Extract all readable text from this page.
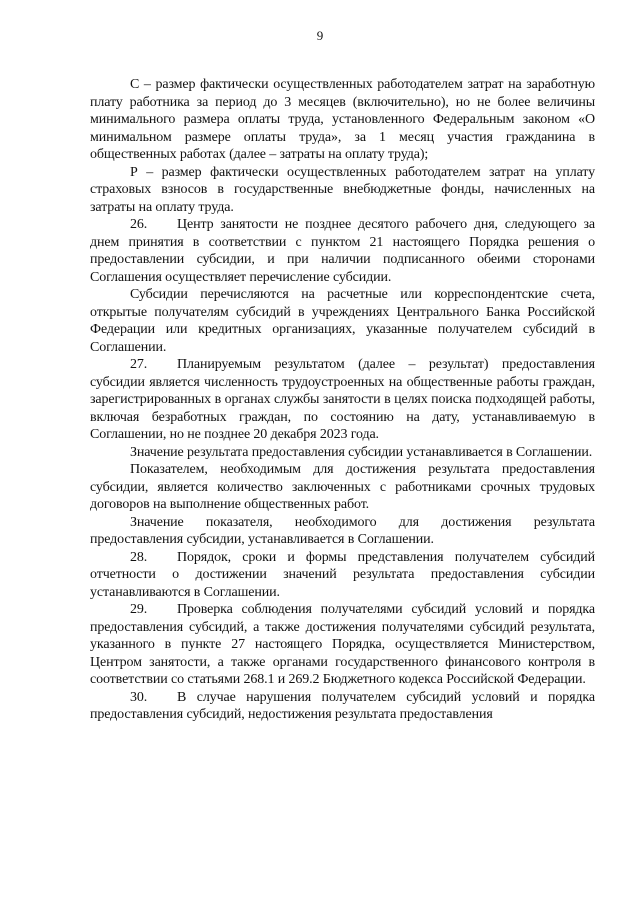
9

С – размер фактически осуществленных работодателем затрат на заработную плату работника за период до 3 месяцев (включительно), но не более величины минимального размера оплаты труда, установленного Федеральным законом «О минимальном размере оплаты труда», за 1 месяц участия гражданина в общественных работах (далее – затраты на оплату труда);

Р – размер фактически осуществленных работодателем затрат на уплату страховых взносов в государственные внебюджетные фонды, начисленных на затраты на оплату труда.

26. Центр занятости не позднее десятого рабочего дня, следующего за днем принятия в соответствии с пунктом 21 настоящего Порядка решения о предоставлении субсидии, и при наличии подписанного обеими сторонами Соглашения осуществляет перечисление субсидии.

Субсидии перечисляются на расчетные или корреспондентские счета, открытые получателям субсидий в учреждениях Центрального Банка Российской Федерации или кредитных организациях, указанные получателем субсидий в Соглашении.

27. Планируемым результатом (далее – результат) предоставления субсидии является численность трудоустроенных на общественные работы граждан, зарегистрированных в органах службы занятости в целях поиска подходящей работы, включая безработных граждан, по состоянию на дату, устанавливаемую в Соглашении, но не позднее 20 декабря 2023 года.

Значение результата предоставления субсидии устанавливается в Соглашении.

Показателем, необходимым для достижения результата предоставления субсидии, является количество заключенных с работниками срочных трудовых договоров на выполнение общественных работ.

Значение показателя, необходимого для достижения результата предоставления субсидии, устанавливается в Соглашении.

28. Порядок, сроки и формы представления получателем субсидий отчетности о достижении значений результата предоставления субсидии устанавливаются в Соглашении.

29. Проверка соблюдения получателями субсидий условий и порядка предоставления субсидий, а также достижения получателями субсидий результата, указанного в пункте 27 настоящего Порядка, осуществляется Министерством, Центром занятости, а также органами государственного финансового контроля в соответствии со статьями 268.1 и 269.2 Бюджетного кодекса Российской Федерации.

30. В случае нарушения получателем субсидий условий и порядка предоставления субсидий, недостижения результата предоставления
